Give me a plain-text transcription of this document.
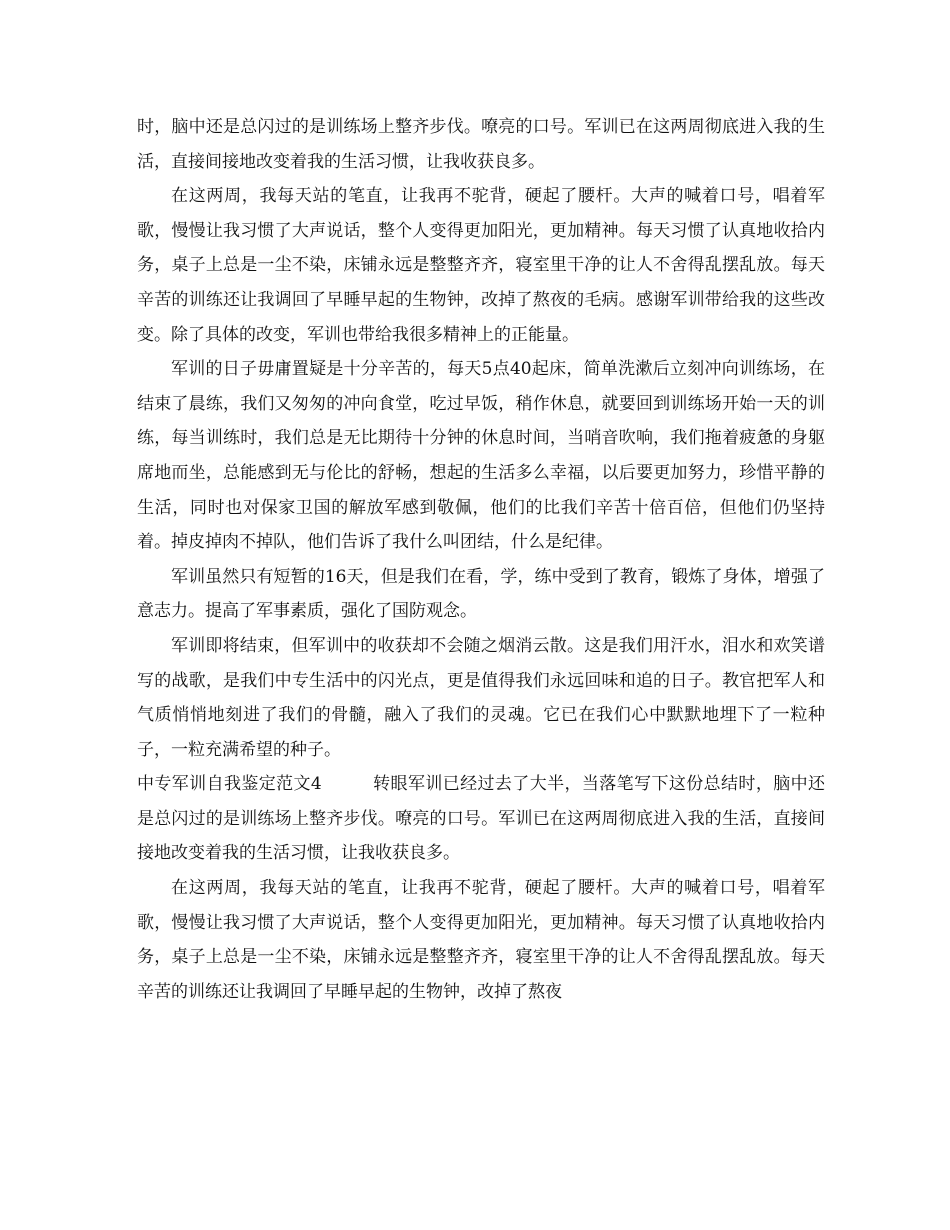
时，脑中还是总闪过的是训练场上整齐步伐。嘹亮的口号。军训已在这两周彻底进入我的生活，直接间接地改变着我的生活习惯，让我收获良多。

在这两周，我每天站的笔直，让我再不驼背，硬起了腰杆。大声的喊着口号，唱着军歌，慢慢让我习惯了大声说话，整个人变得更加阳光，更加精神。每天习惯了认真地收拾内务，桌子上总是一尘不染，床铺永远是整整齐齐，寝室里干净的让人不舍得乱摆乱放。每天辛苦的训练还让我调回了早睡早起的生物钟，改掉了熬夜的毛病。感谢军训带给我的这些改变。除了具体的改变，军训也带给我很多精神上的正能量。

军训的日子毋庸置疑是十分辛苦的，每天5点40起床，简单洗漱后立刻冲向训练场，在结束了晨练，我们又匆匆的冲向食堂，吃过早饭，稍作休息，就要回到训练场开始一天的训练，每当训练时，我们总是无比期待十分钟的休息时间，当哨音吹响，我们拖着疲惫的身躯席地而坐，总能感到无与伦比的舒畅，想起的生活多么幸福，以后要更加努力，珍惜平静的生活，同时也对保家卫国的解放军感到敬佩，他们的比我们辛苦十倍百倍，但他们仍坚持着。掉皮掉肉不掉队，他们告诉了我什么叫团结，什么是纪律。

军训虽然只有短暂的16天，但是我们在看，学，练中受到了教育，锻炼了身体，增强了意志力。提高了军事素质，强化了国防观念。

军训即将结束，但军训中的收获却不会随之烟消云散。这是我们用汗水，泪水和欢笑谱写的战歌，是我们中专生活中的闪光点，更是值得我们永远回味和追的日子。教官把军人和气质悄悄地刻进了我们的骨髓，融入了我们的灵魂。它已在我们心中默默地埋下了一粒种子，一粒充满希望的种子。

中专军训自我鉴定范文4	转眼军训已经过去了大半，当落笔写下这份总结时，脑中还是总闪过的是训练场上整齐步伐。嘹亮的口号。军训已在这两周彻底进入我的生活，直接间接地改变着我的生活习惯，让我收获良多。

在这两周，我每天站的笔直，让我再不驼背，硬起了腰杆。大声的喊着口号，唱着军歌，慢慢让我习惯了大声说话，整个人变得更加阳光，更加精神。每天习惯了认真地收拾内务，桌子上总是一尘不染，床铺永远是整整齐齐，寝室里干净的让人不舍得乱摆乱放。每天辛苦的训练还让我调回了早睡早起的生物钟，改掉了熬夜
